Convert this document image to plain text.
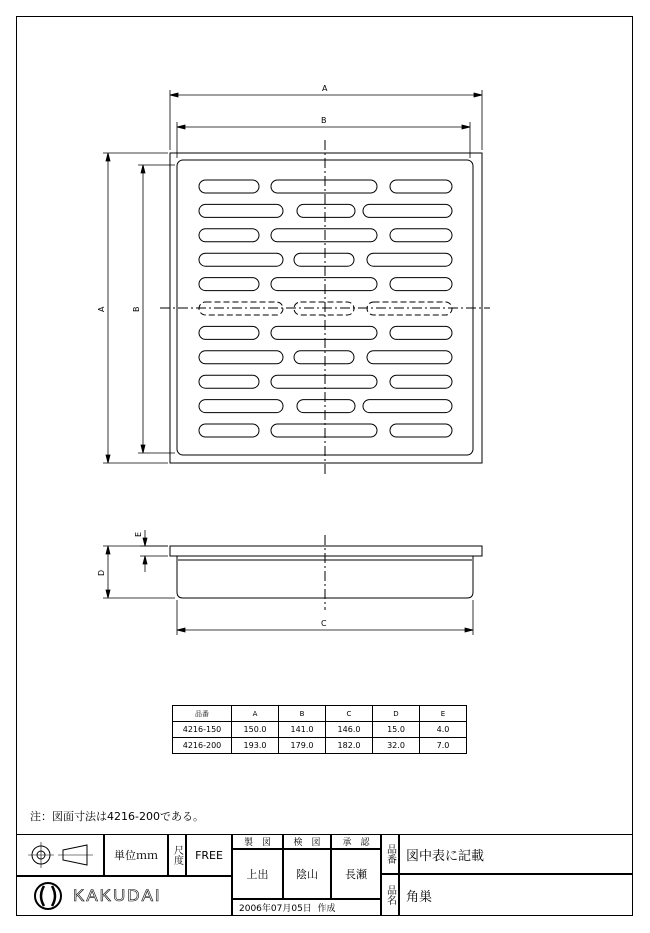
A
B
A	B
C
D
E
品番	A	B	C	D	E
4216-150	150.0	141.0	146.0	15.0	4.0
4216-200	193.0	179.0	182.0	32.0	7.0
注：図面寸法は4216-200である。
単位ｍｍ	尺度	FREE
製　図	検　図	承　認
上出	陰山	長瀬
2006年07月05日
作成
品番 図中表に記載
品名 角巣
KAKUDAI
